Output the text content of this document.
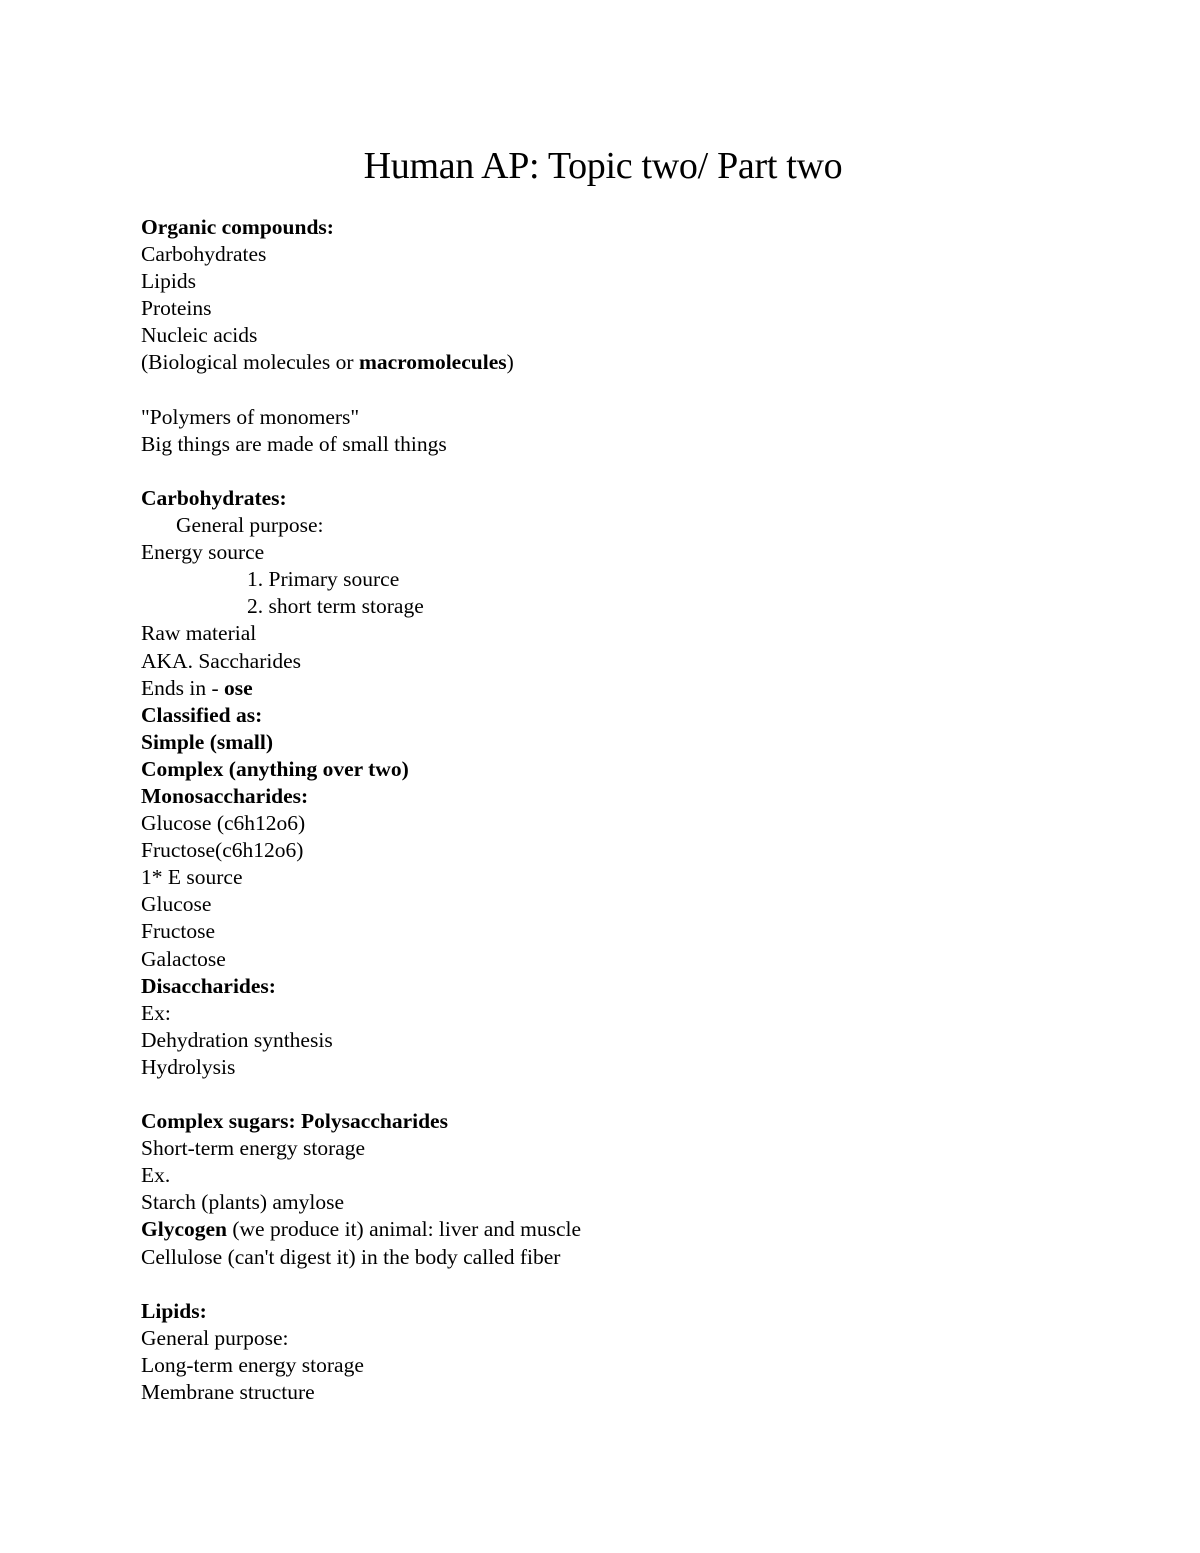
Human AP: Topic two/ Part two
Organic compounds:
Carbohydrates
Lipids
Proteins
Nucleic acids
(Biological molecules or macromolecules)
"Polymers of monomers"
Big things are made of small things
Carbohydrates:
General purpose:
Energy source
1. Primary source
2. short term storage
Raw material
AKA. Saccharides
Ends in - ose
Classified as:
Simple (small)
Complex (anything over two)
Monosaccharides:
Glucose (c6h12o6)
Fructose(c6h12o6)
1* E source
Glucose
Fructose
Galactose
Disaccharides:
Ex:
Dehydration synthesis
Hydrolysis
Complex sugars: Polysaccharides
Short-term energy storage
Ex.
Starch (plants) amylose
Glycogen (we produce it) animal: liver and muscle
Cellulose (can't digest it) in the body called fiber
Lipids:
General purpose:
Long-term energy storage
Membrane structure
